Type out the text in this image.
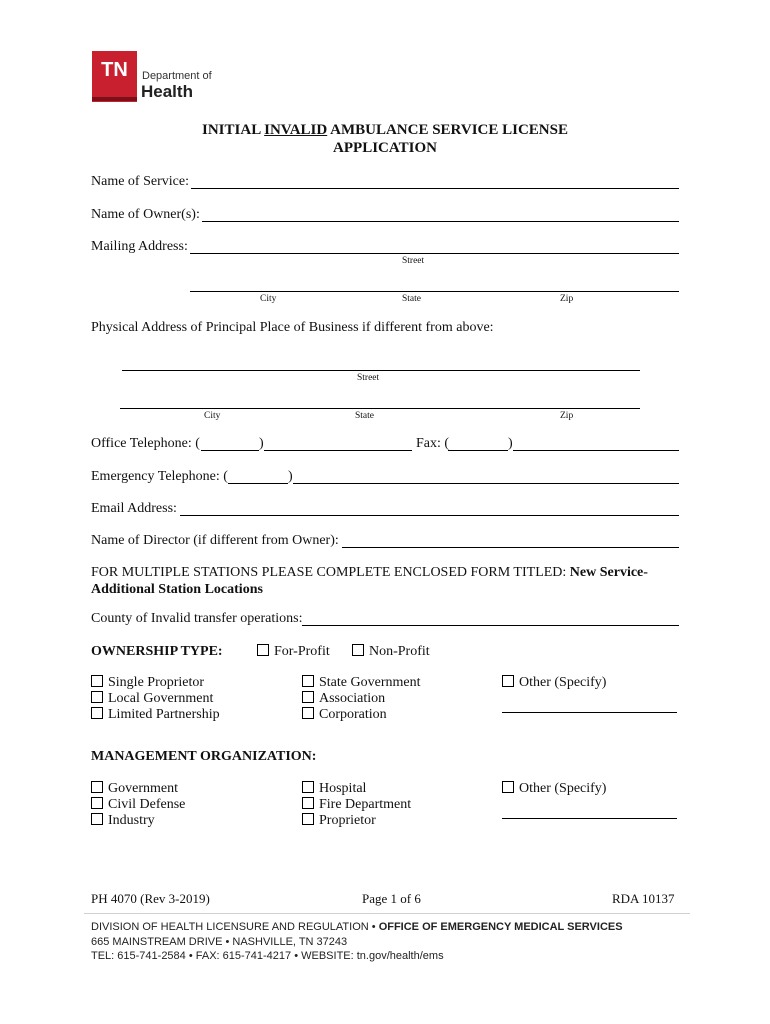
TN Department of
Health
INITIAL INVALID AMBULANCE SERVICE LICENSE
APPLICATION
Name of Service:
Name of Owner(s):
Mailing Address:
Street
City	State	Zip
Physical Address of Principal Place of Business if different from above:
Street
City	State	Zip
Office Telephone: (	)	Fax: (	)
Emergency Telephone: (	)
Email Address:
Name of Director (if different from Owner):
FOR MULTIPLE STATIONS PLEASE COMPLETE ENCLOSED FORM TITLED: New Service-
Additional Station Locations
County of Invalid transfer operations:
OWNERSHIP TYPE:	For-Profit	Non-Profit
Single Proprietor
Local Government
Limited Partnership
State Government
Association
Corporation
Other (Specify)
MANAGEMENT ORGANIZATION:
Government
Civil Defense
Industry
Hospital
Fire Department
Proprietor
Other (Specify)
PH 4070 (Rev 3-2019)	Page 1 of 6	RDA 10137
DIVISION OF HEALTH LICENSURE AND REGULATION • OFFICE OF EMERGENCY MEDICAL SERVICES
665 MAINSTREAM DRIVE • NASHVILLE, TN 37243
TEL: 615-741-2584 • FAX: 615-741-4217 • WEBSITE: tn.gov/health/ems
